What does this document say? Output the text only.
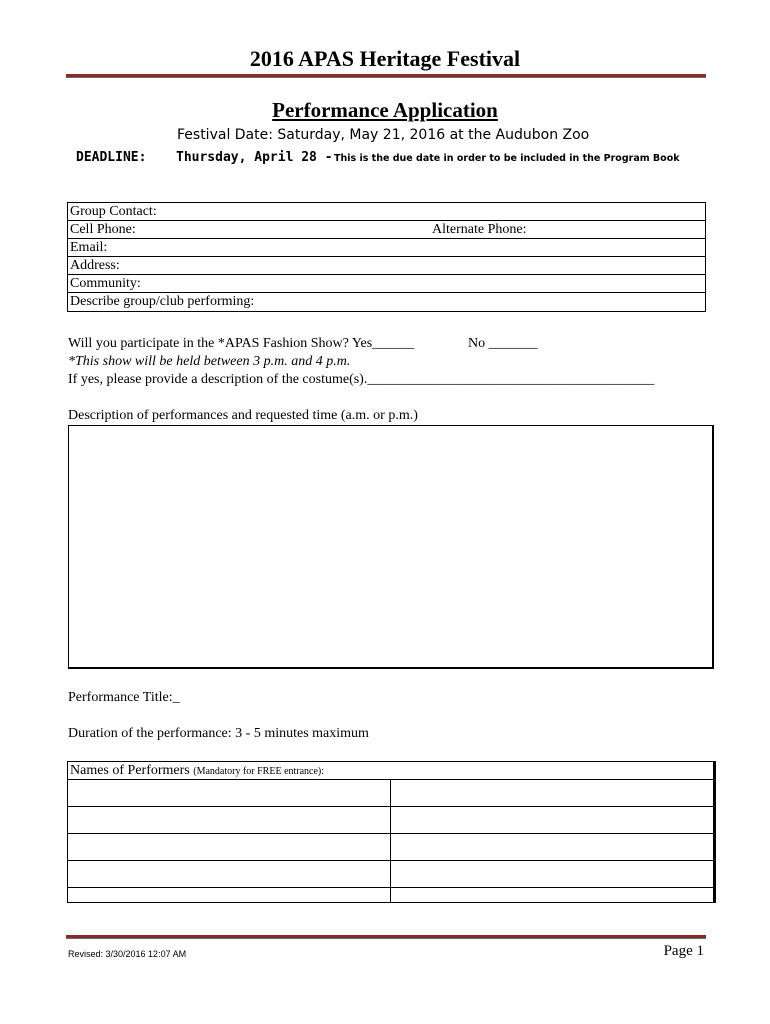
2016 APAS Heritage Festival
Performance Application
Festival Date: Saturday, May 21, 2016 at the Audubon Zoo
DEADLINE: Thursday, April 28 - This is the due date in order to be included in the Program Book
Group Contact:
Cell Phone:	Alternate Phone:
Email:
Address:
Community:
Describe group/club performing:
Will you participate in the *APAS Fashion Show? Yes______	No _______
*This show will be held between 3 p.m. and 4 p.m.
If yes, please provide a description of the costume(s)._________________________________________
Description of performances and requested time (a.m. or p.m.)
Performance Title:_
Duration of the performance: 3 - 5 minutes maximum
Names of Performers (Mandatory for FREE entrance):
Revised: 3/30/2016 12:07 AM	Page 1
